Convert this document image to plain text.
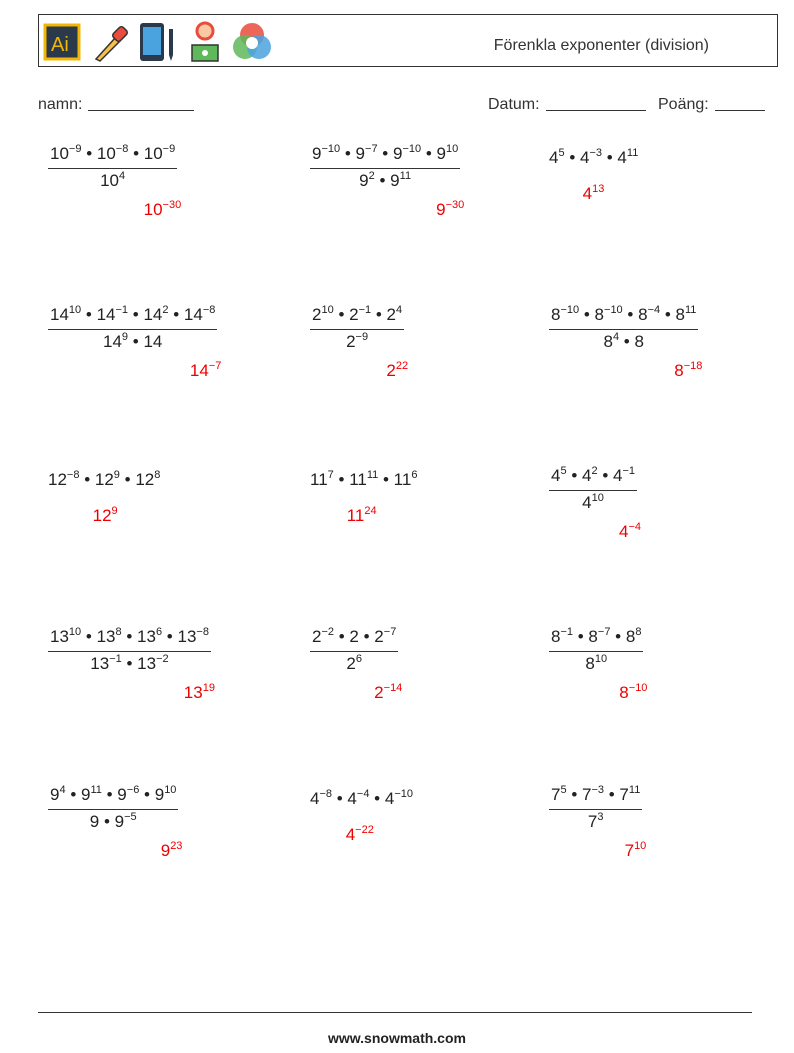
Ai	Förenkla exponenter (division)
namn:	Datum:	Poäng:
$\frac{10^{-9} • 10^{-8} • 10^{-9}}{10^4}$
$10^{-30}$
$\frac{9^{-10} • 9^{-7} • 9^{-10} • 9^{10}}{9^2 • 9^{11}}$
$9^{-30}$
$4^5$ • $4^{-3}$ • $4^{11}$
$4^{13}$
$\frac{14^{10} • 14^{-1} • 14^2 • 14^{-8}}{14^9 • 14}$
$14^{-7}$
$\frac{2^{10} • 2^{-1} • 2^4}{2^{-9}}$
$2^{22}$
$\frac{8^{-10} • 8^{-10} • 8^{-4} • 8^{11}}{8^4 • 8}$
$8^{-18}$
$12^{-8}$ • $12^9$ • $12^8$
$12^9$
$11^7$ • $11^{11}$ • $11^6$
$11^{24}$	$\frac{4^5 • 4^2 • 4^{-1}}{4^{10}}$
$4^{-4}$
$\frac{13^{10} • 13^8 • 13^6 • 13^{-8}}{13^{-1} • 13^{-2}}$
$13^{19}$
$\frac{2^{-2} • 2 • 2^{-7}}{2^6}$
$2^{-14}$
$\frac{8^{-1} • 8^{-7} • 8^8}{8^{10}}$
$8^{-10}$
$\frac{9^4 • 9^{11} • 9^{-6} • 9^{10}}{9 • 9^{-5}}$
$9^{23}$
$4^{-8}$ • $4^{-4}$ • $4^{-10}$
$4^{-22}$	$\frac{7^5 • 7^{-3} • 7^{11}}{7^3}$
$7^{10}$
www.snowmath.com
